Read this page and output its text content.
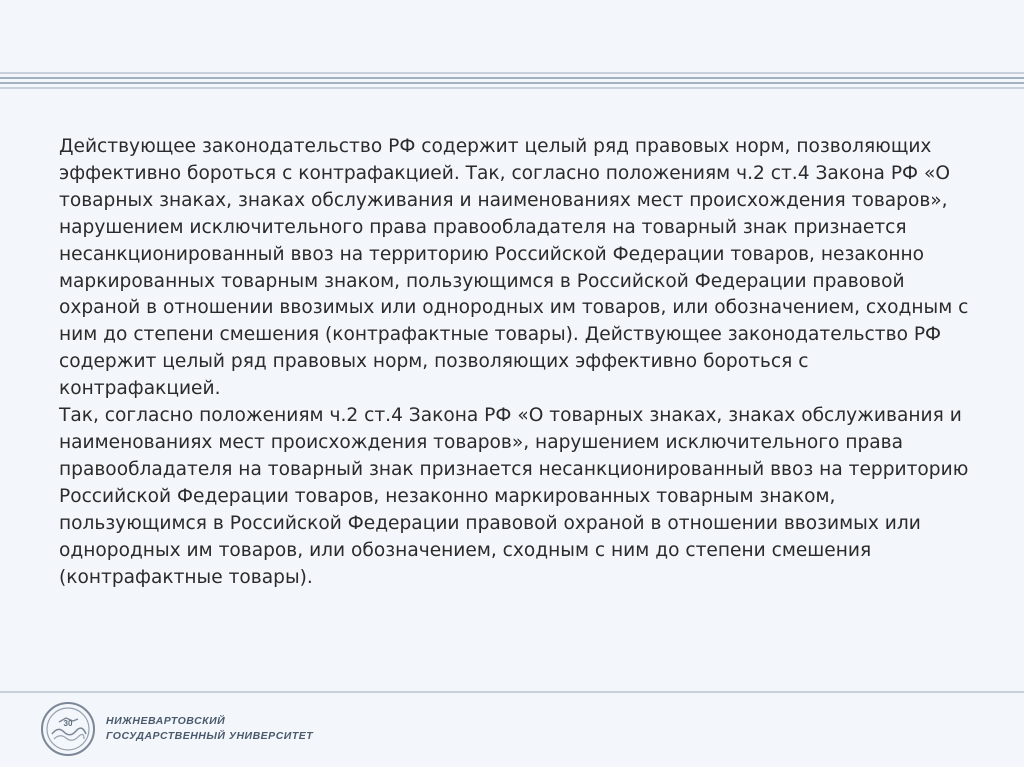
Действующее законодательство РФ содержит целый ряд правовых норм, позволяющих
эффективно бороться с контрафакцией. Так, согласно положениям ч.2 ст.4 Закона РФ «О
товарных знаках, знаках обслуживания и наименованиях мест происхождения товаров»,
нарушением исключительного права правообладателя на товарный знак признается
несанкционированный ввоз на территорию Российской Федерации товаров, незаконно
маркированных товарным знаком, пользующимся в Российской Федерации правовой
охраной в отношении ввозимых или однородных им товаров, или обозначением, сходным с
ним до степени смешения (контрафактные товары). Действующее законодательство РФ
содержит целый ряд правовых норм, позволяющих эффективно бороться с контрафакцией.
Так, согласно положениям ч.2 ст.4 Закона РФ «О товарных знаках, знаках обслуживания и
наименованиях мест происхождения товаров», нарушением исключительного права
правообладателя на товарный знак признается несанкционированный ввоз на территорию
Российской Федерации товаров, незаконно маркированных товарным знаком,
пользующимся в Российской Федерации правовой охраной в отношении ввозимых или
однородных им товаров, или обозначением, сходным с ним до степени смешения
(контрафактные товары).

30	НИЖНЕВАРТОВСКИЙ
ГОСУДАРСТВЕННЫЙ УНИВЕРСИТЕТ
